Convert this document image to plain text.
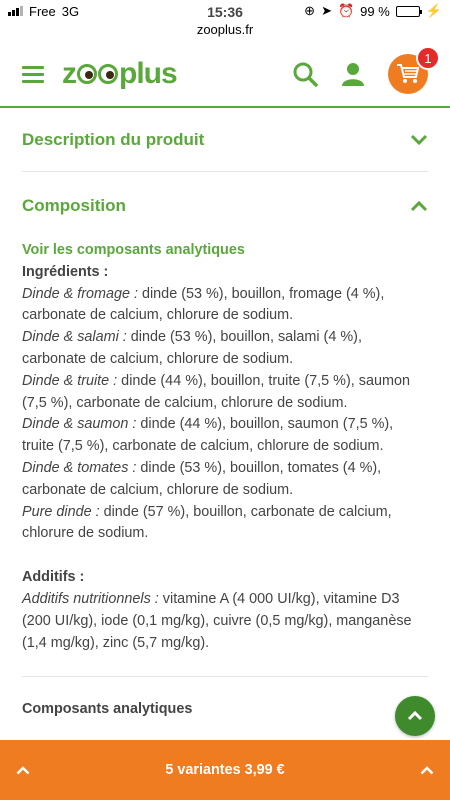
Free 3G	⊕ ➤ ⏰ 99 %	⚡
15:36
zooplus.fr
z plus	1
Description du produit
Composition
Voir les composants analytiques
Ingrédients :
Dinde & fromage : dinde (53 %), bouillon, fromage (4 %), carbonate de calcium, chlorure de sodium.
Dinde & salami : dinde (53 %), bouillon, salami (4 %), carbonate de calcium, chlorure de sodium.
Dinde & truite : dinde (44 %), bouillon, truite (7,5 %), saumon (7,5 %), carbonate de calcium, chlorure de sodium.
Dinde & saumon : dinde (44 %), bouillon, saumon (7,5 %), truite (7,5 %), carbonate de calcium, chlorure de sodium.
Dinde & tomates : dinde (53 %), bouillon, tomates (4 %), carbonate de calcium, chlorure de sodium.
Pure dinde : dinde (57 %), bouillon, carbonate de calcium, chlorure de sodium.
Additifs :
Additifs nutritionnels : vitamine A (4 000 UI/kg), vitamine D3 (200 UI/kg), iode (0,1 mg/kg), cuivre (0,5 mg/kg), manganèse (1,4 mg/kg), zinc (5,7 mg/kg).
Composants analytiques
5 variantes 3,99 €
